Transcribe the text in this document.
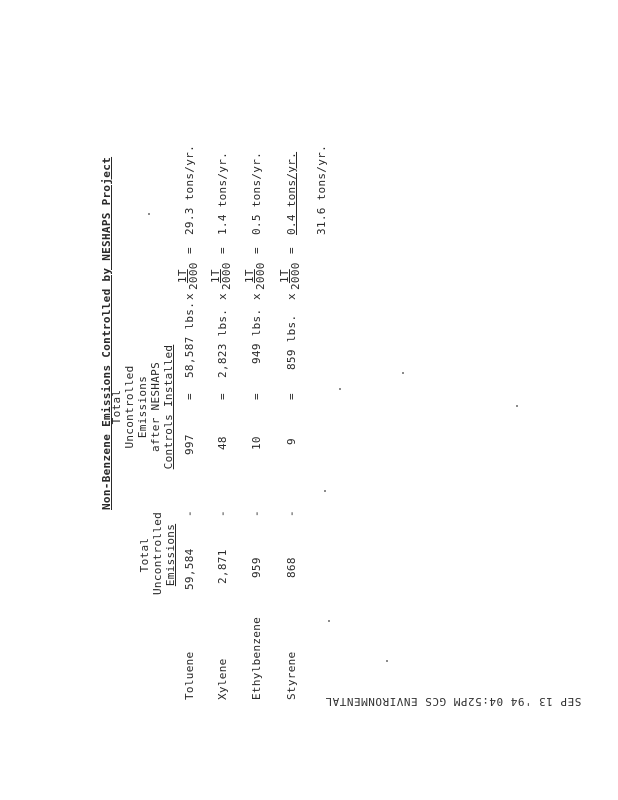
Non-Benzene Emissions Controlled by NESHAPS Project
Total Uncontrolled Emissions
Total Uncontrolled Emissions after NESHAPS Controls Installed
Toluene
59,584
-
997
=
58,587 lbs.
x
1T
2000
=
29.3 tons/yr.
Xylene
2,871
-
48
=
2,823 lbs.
x
1T
2000
=
1.4 tons/yr.
Ethylbenzene
959
-
10
=
949 lbs.
x
1T
2000
=
0.5 tons/yr.
Styrene
868
-
9
=
859 lbs.
x
1T
2000
=
0.4 tons/yr. 31.6 tons/yr.
SEP 13 '94 04:52PM GCS ENVIRONMENTAL
